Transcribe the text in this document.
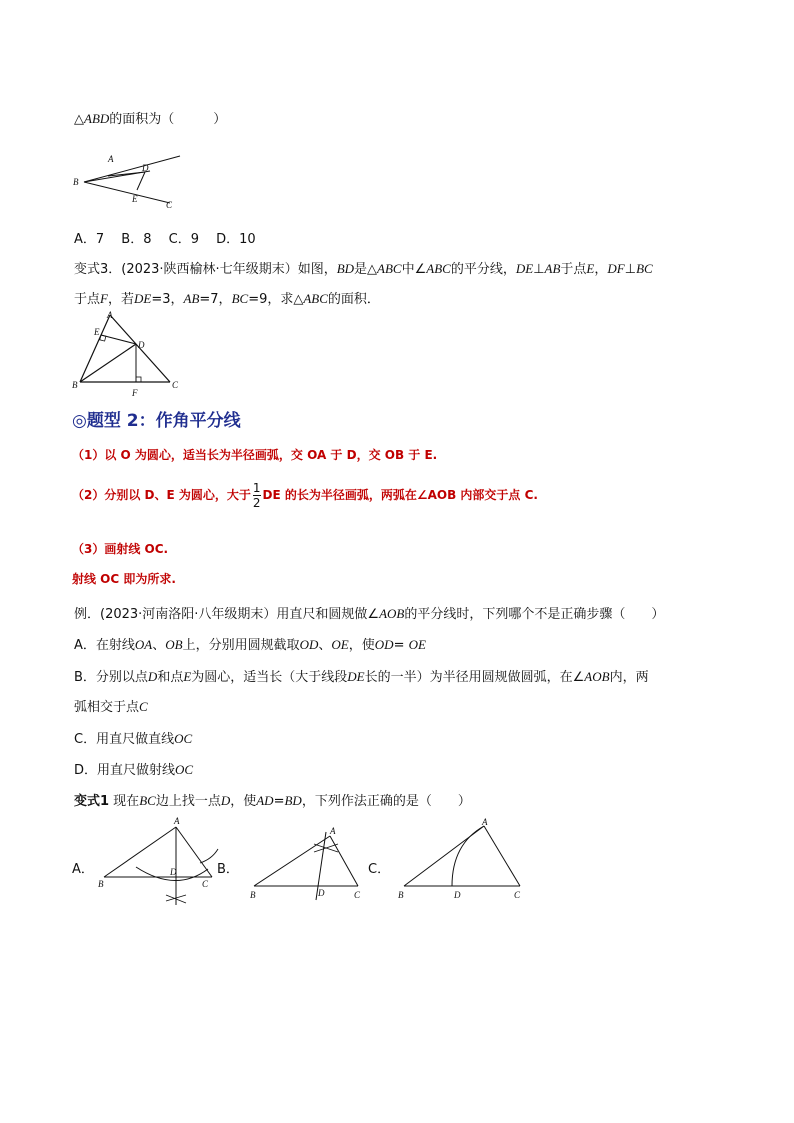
△ABD的面积为（　　　）
A
D
B
E
C
A．7　 B．8　 C．9　 D．10
变式3．(2023·陕西榆林·七年级期末）如图，BD是△ABC中∠ABC的平分线，DE⊥AB于点E，DF⊥BC
于点F，若DE=3，AB=7，BC=9，求△ABC的面积．
A
E
D
B
F
C
◎题型 2：作角平分线
（1）以 O 为圆心，适当长为半径画弧，交 OA 于 D，交 OB 于 E.
（2）分别以 D、E 为圆心，大于 $\frac{1}{2}$ DE 的长为半径画弧，两弧在∠AOB 内部交于点 C.
（3）画射线 OC.
射线 OC 即为所求.
例．(2023·河南洛阳·八年级期末）用直尺和圆规做∠AOB的平分线时，下列哪个不是正确步骤（　　）
A．在射线OA、OB上，分别用圆规截取OD、OE，使OD= OE
B．分别以点D和点E为圆心，适当长（大于线段DE长的一半）为半径用圆规做圆弧，在∠AOB内，两
弧相交于点C
C．用直尺做直线OC
D．用直尺做射线OC
变式1 现在BC边上找一点D，使AD=BD，下列作法正确的是（　　）
A．
A
B
D
C
B．
A
B	D	C
C．
A
B	D	C
